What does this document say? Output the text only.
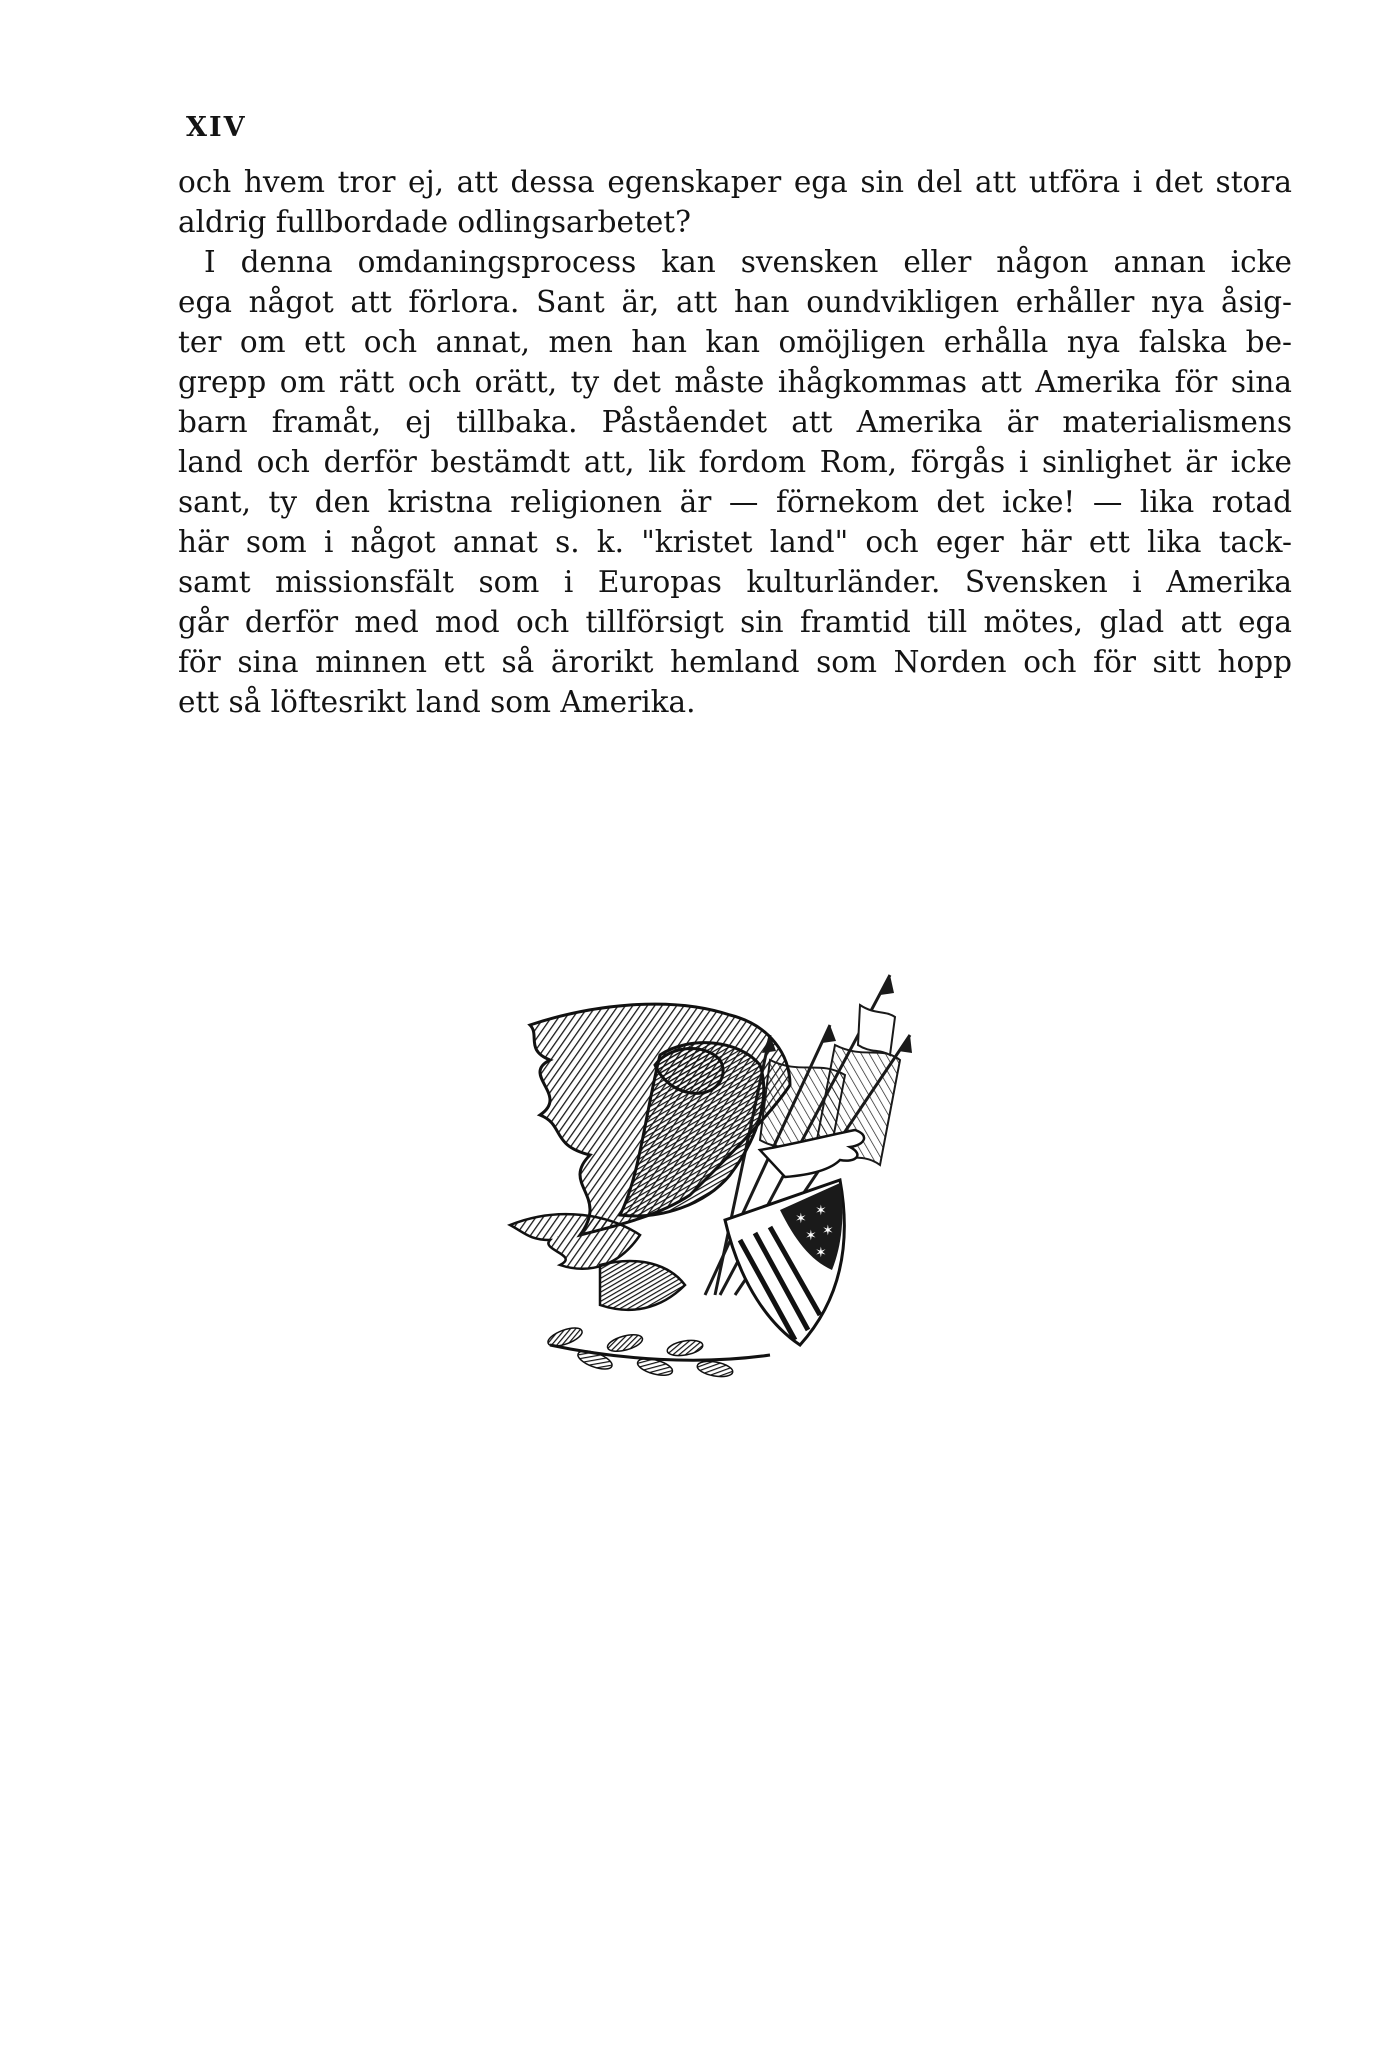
XIV
och hvem tror ej, att dessa egenskaper ega sin del att utföra i det stora
aldrig fullbordade odlingsarbetet?
I denna omdaningsprocess kan svensken eller någon annan icke
ega något att förlora. Sant är, att han oundvikligen erhåller nya åsig-
ter om ett och annat, men han kan omöjligen erhålla nya falska be-
grepp om rätt och orätt, ty det måste ihågkommas att Amerika för sina
barn framåt, ej tillbaka. Påståendet att Amerika är materialismens
land och derför bestämdt att, lik fordom Rom, förgås i sinlighet är icke
sant, ty den kristna religionen är — förnekom det icke! — lika rotad
här som i något annat s. k. "kristet land" och eger här ett lika tack-
samt missionsfält som i Europas kulturländer. Svensken i Amerika
går derför med mod och tillförsigt sin framtid till mötes, glad att ega
för sina minnen ett så ärorikt hemland som Norden och för sitt hopp
ett så löftesrikt land som Amerika.
✶ ✶
✶ ✶
✶
